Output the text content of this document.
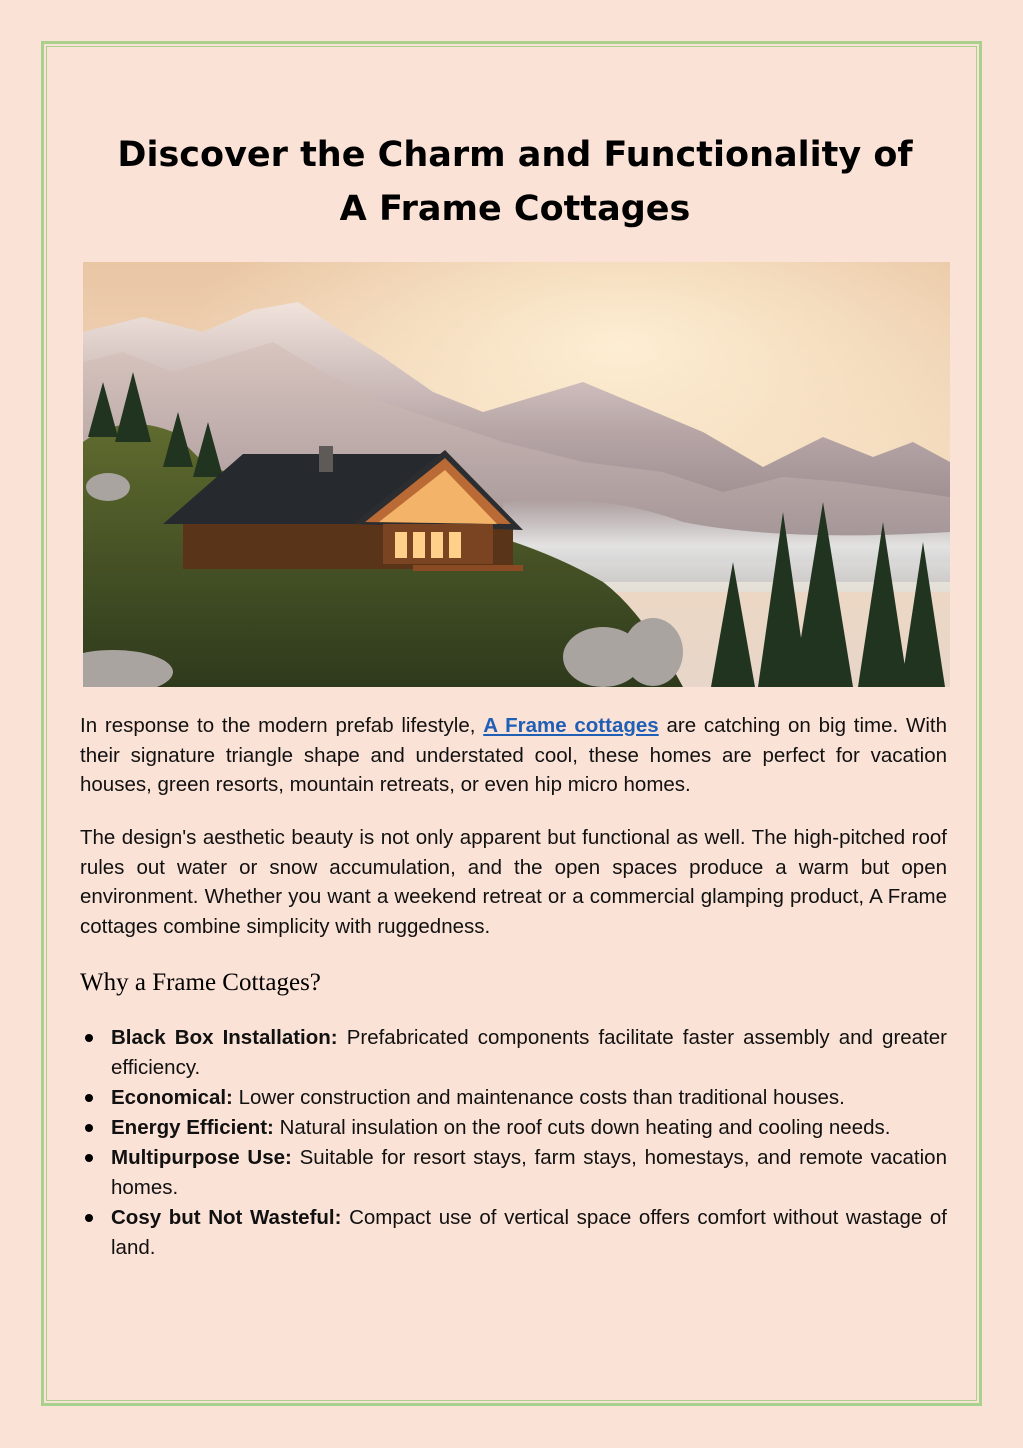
Discover the Charm and Functionality of
A Frame Cottages

In response to the modern prefab lifestyle, A Frame cottages are catching on big time. With their signature triangle shape and understated cool, these homes are perfect for vacation houses, green resorts, mountain retreats, or even hip micro homes.

The design's aesthetic beauty is not only apparent but functional as well. The high-pitched roof rules out water or snow accumulation, and the open spaces produce a warm but open environment. Whether you want a weekend retreat or a commercial glamping product, A Frame cottages combine simplicity with ruggedness.

Why a Frame Cottages?
Black Box Installation: Prefabricated components facilitate faster assembly and greater efficiency.
Economical: Lower construction and maintenance costs than traditional houses.
Energy Efficient: Natural insulation on the roof cuts down heating and cooling needs.
Multipurpose Use: Suitable for resort stays, farm stays, homestays, and remote vacation homes.
Cosy but Not Wasteful: Compact use of vertical space offers comfort without wastage of land.
